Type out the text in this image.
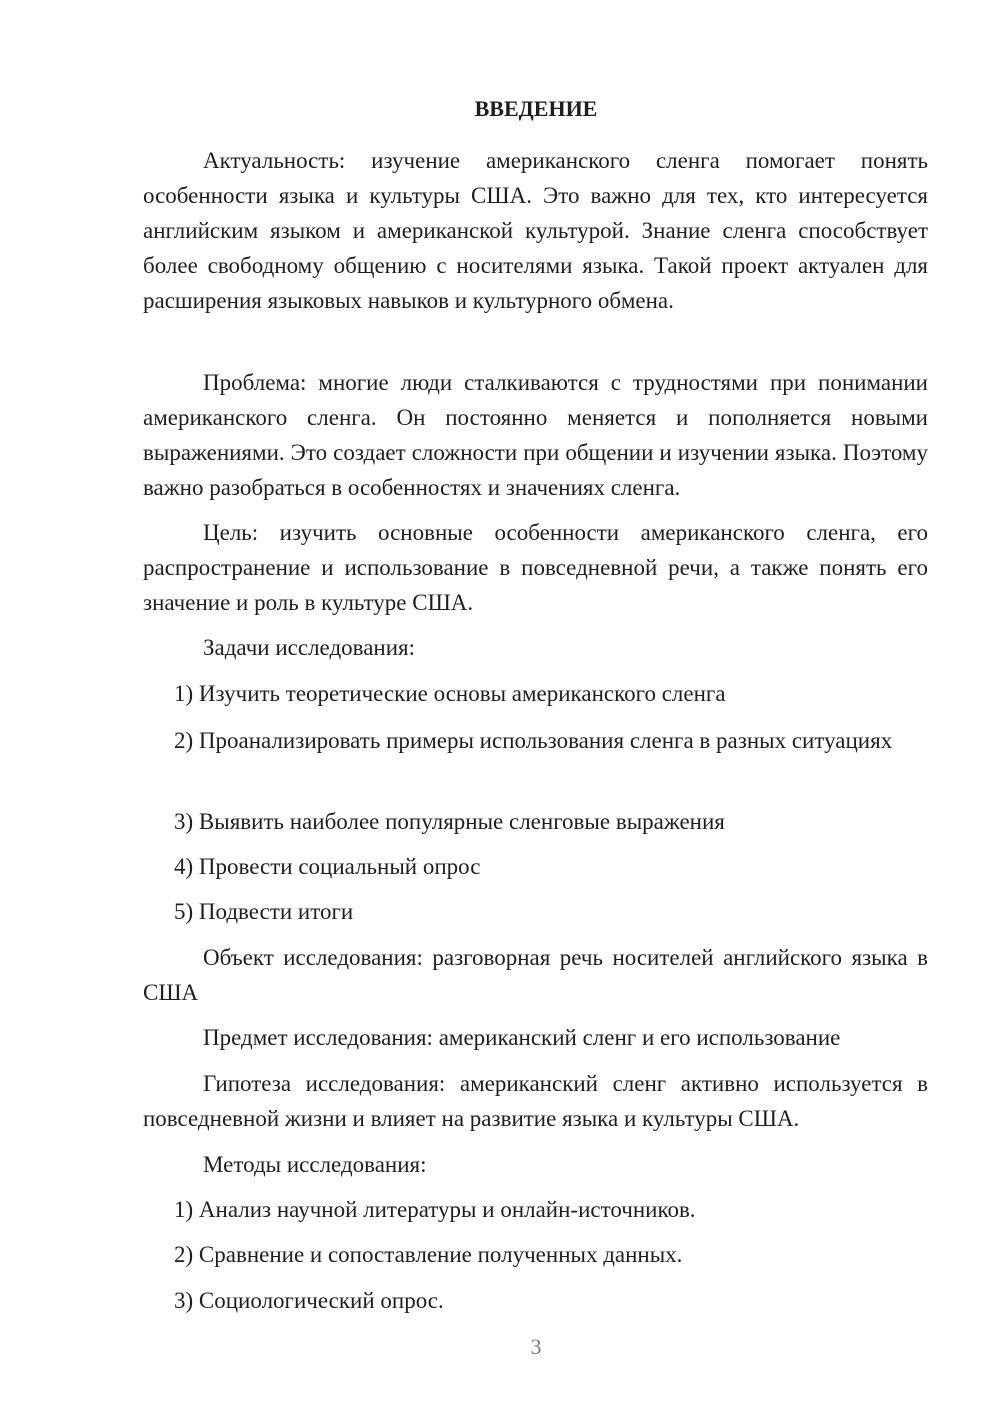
ВВЕДЕНИЕ

Актуальность: изучение американского сленга помогает понять особенности языка и культуры США. Это важно для тех, кто интересуется английским языком и американской культурой. Знание сленга способствует более свободному общению с носителями языка. Такой проект актуален для расширения языковых навыков и культурного обмена.

Проблема: многие люди сталкиваются с трудностями при понимании американского сленга. Он постоянно меняется и пополняется новыми выражениями. Это создает сложности при общении и изучении языка. Поэтому важно разобраться в особенностях и значениях сленга.

Цель: изучить основные особенности американского сленга, его распространение и использование в повседневной речи, а также понять его значение и роль в культуре США.

Задачи исследования:

1) Изучить теоретические основы американского сленга

2) Проанализировать примеры использования сленга в разных ситуациях

3) Выявить наиболее популярные сленговые выражения

4) Провести социальный опрос

5) Подвести итоги

Объект исследования: разговорная речь носителей английского языка в США

Предмет исследования: американский сленг и его использование

Гипотеза исследования: американский сленг активно используется в повседневной жизни и влияет на развитие языка и культуры США.

Методы исследования:

1) Анализ научной литературы и онлайн-источников.

2) Сравнение и сопоставление полученных данных.

3) Социологический опрос.

3
